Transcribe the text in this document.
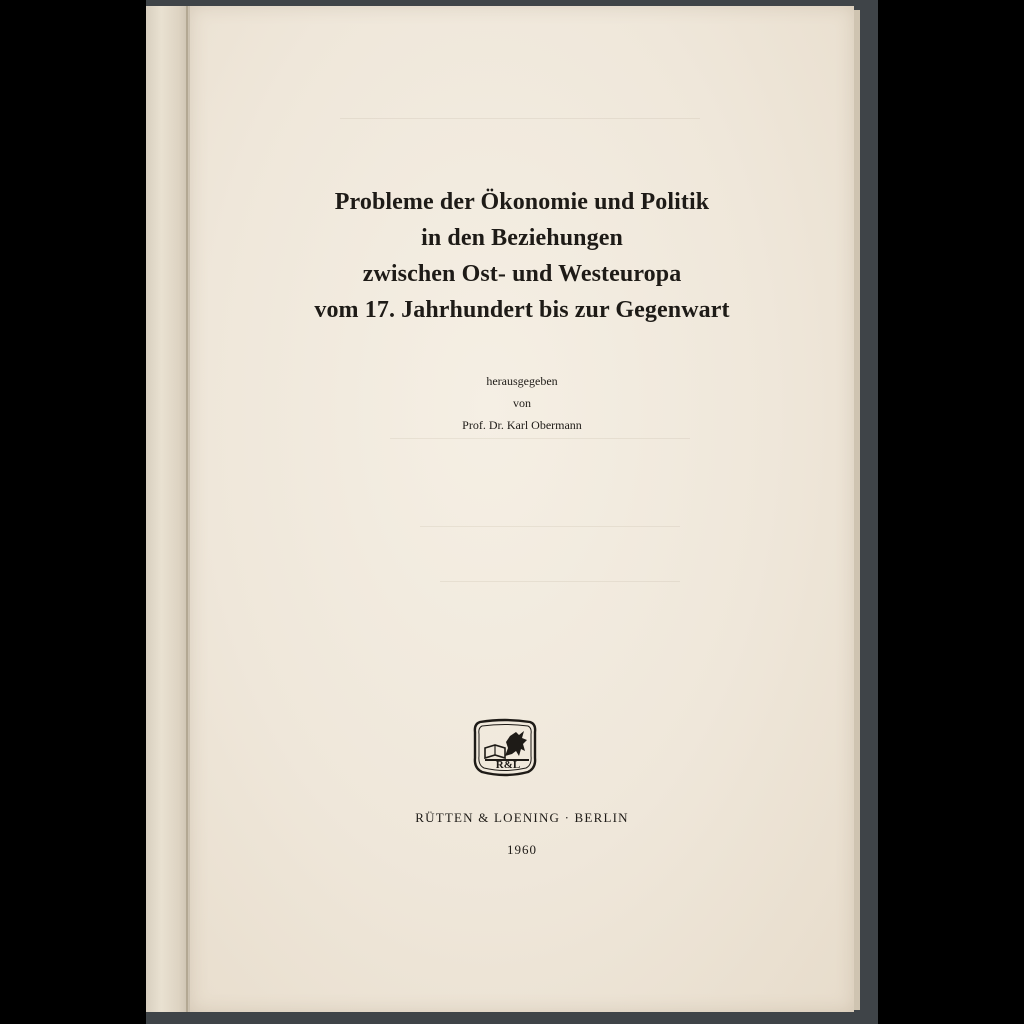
Probleme der Ökonomie und Politik
in den Beziehungen
zwischen Ost- und Westeuropa
vom 17. Jahrhundert bis zur Gegenwart
herausgegeben
von
Prof. Dr. Karl Obermann
R&L
RÜTTEN & LOENING · BERLIN
1960
